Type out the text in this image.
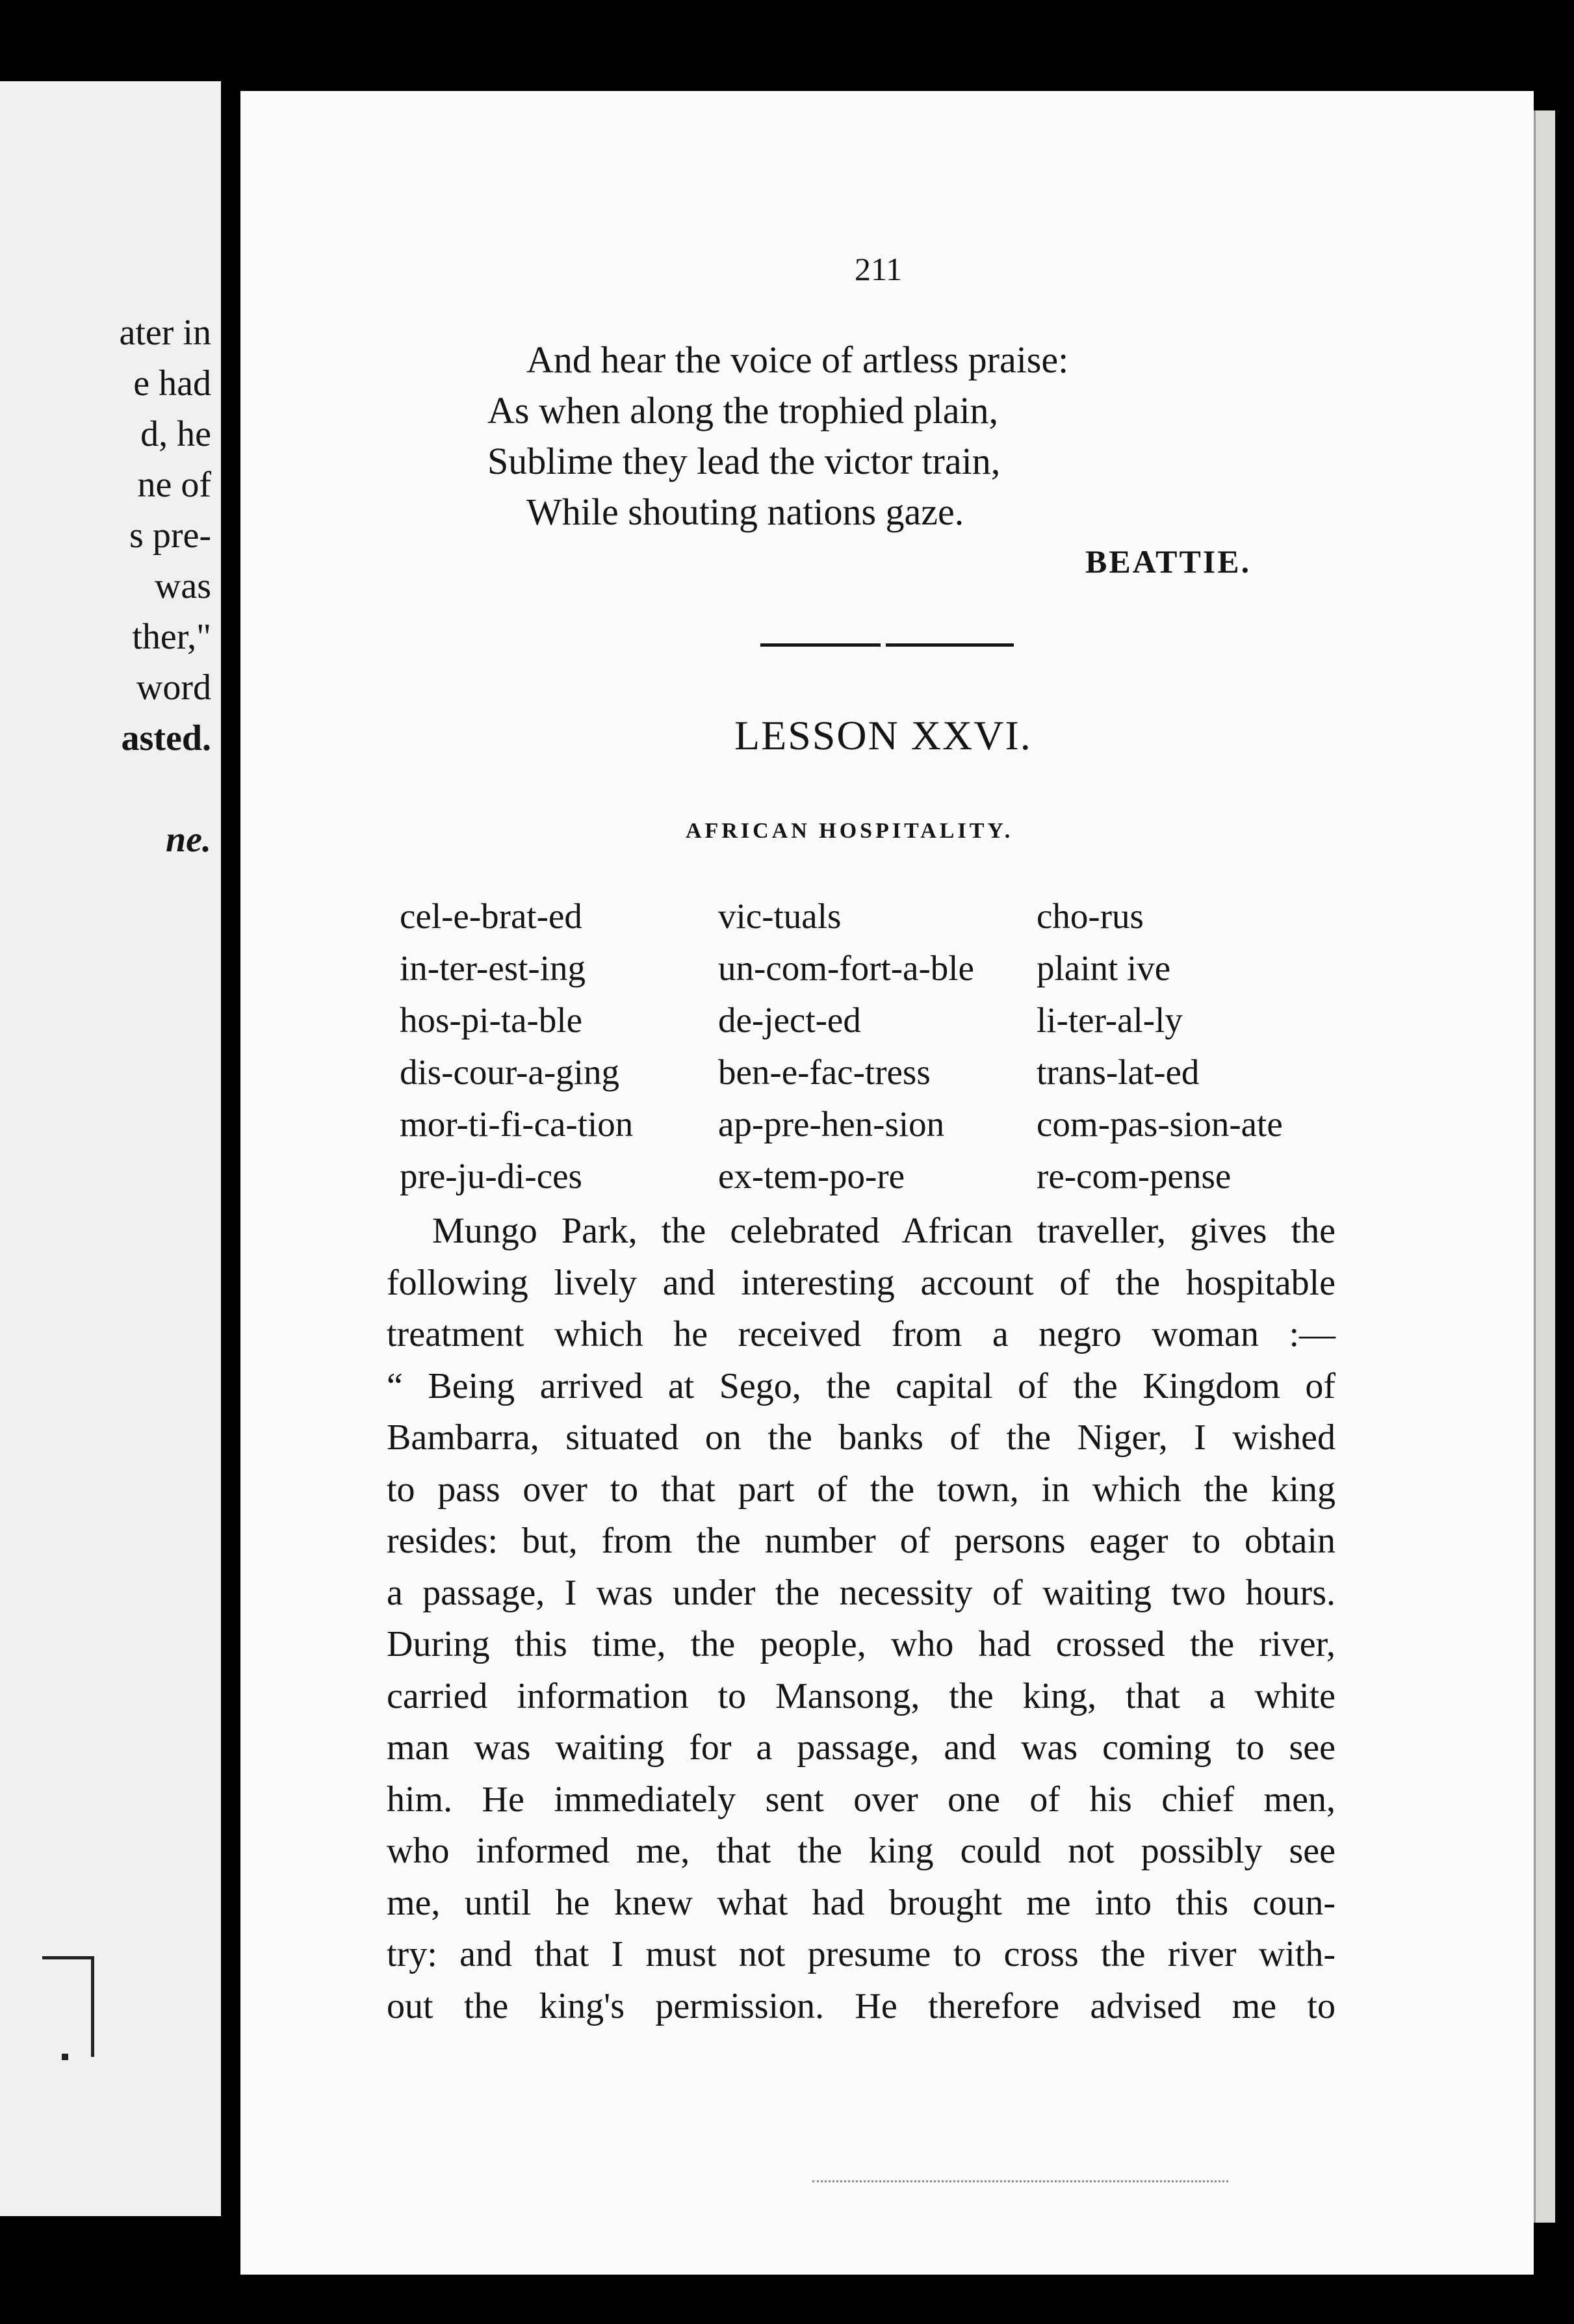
ater in
e had
d, he
ne of
s pre-
was
ther,"
word
asted.
ne.
211
And hear the voice of artless praise:
As when along the trophied plain,
Sublime they lead the victor train,
While shouting nations gaze.
BEATTIE.
LESSON XXVI.
AFRICAN HOSPITALITY.
cel-e-brat-ed
in-ter-est-ing
hos-pi-ta-ble
dis-cour-a-ging
mor-ti-fi-ca-tion
pre-ju-di-ces
vic-tuals
un-com-fort-a-ble
de-ject-ed
ben-e-fac-tress
ap-pre-hen-sion
ex-tem-po-re
cho-rus
plaint ive
li-ter-al-ly
trans-lat-ed
com-pas-sion-ate
re-com-pense
Mungo Park, the celebrated African traveller, gives the
following lively and interesting account of the hospitable
treatment which he received from a negro woman :—
“ Being arrived at Sego, the capital of the Kingdom of
Bambarra, situated on the banks of the Niger, I wished
to pass over to that part of the town, in which the king
resides: but, from the number of persons eager to obtain
a passage, I was under the necessity of waiting two hours.
During this time, the people, who had crossed the river,
carried information to Mansong, the king, that a white
man was waiting for a passage, and was coming to see
him. He immediately sent over one of his chief men,
who informed me, that the king could not possibly see
me, until he knew what had brought me into this coun-
try: and that I must not presume to cross the river with-
out the king's permission. He therefore advised me to
